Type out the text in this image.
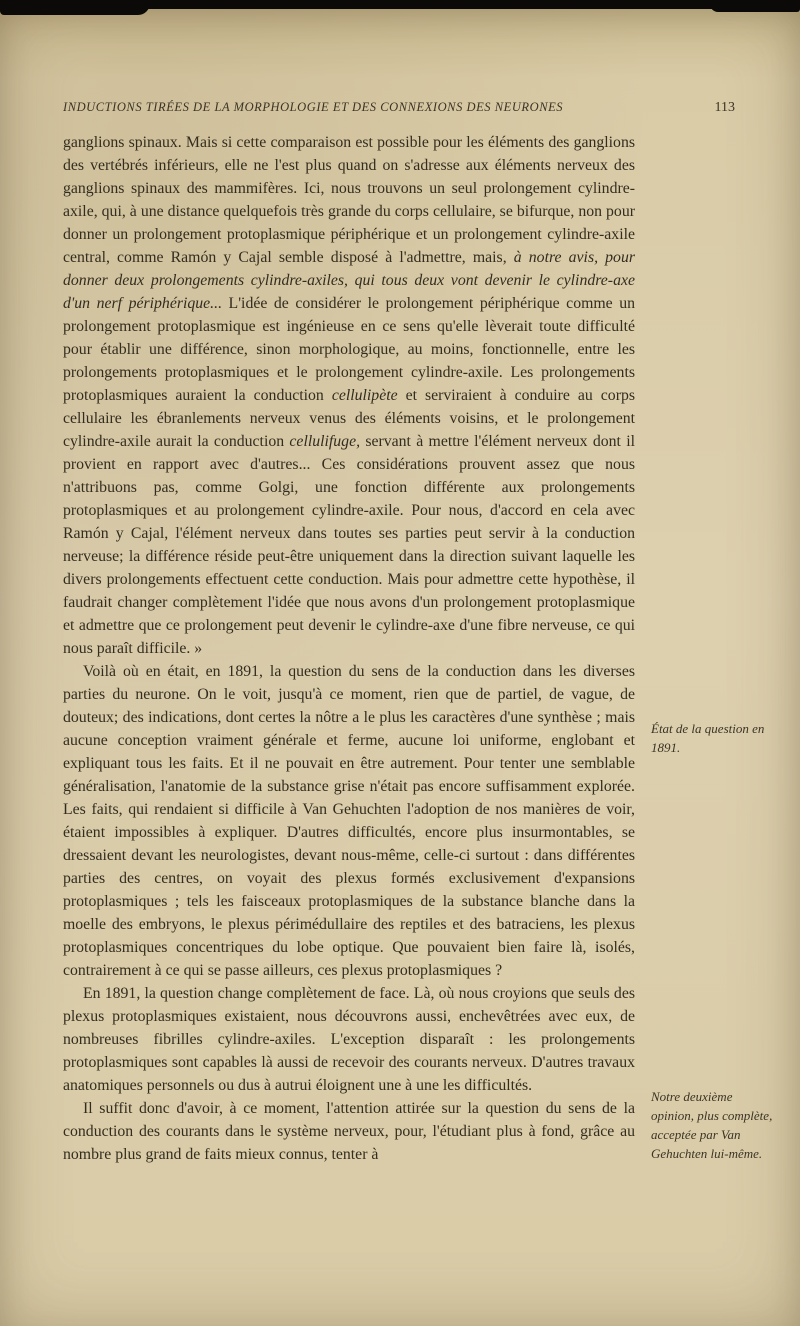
INDUCTIONS TIRÉES DE LA MORPHOLOGIE ET DES CONNEXIONS DES NEURONES	113

ganglions spinaux. Mais si cette comparaison est possible pour les éléments des ganglions des vertébrés inférieurs, elle ne l'est plus quand on s'adresse aux éléments nerveux des ganglions spinaux des mammifères. Ici, nous trouvons un seul prolongement cylindre-axile, qui, à une distance quelquefois très grande du corps cellulaire, se bifurque, non pour donner un prolongement protoplasmique périphérique et un prolongement cylindre-axile central, comme Ramón y Cajal semble disposé à l'admettre, mais, à notre avis, pour donner deux prolongements cylindre-axiles, qui tous deux vont devenir le cylindre-axe d'un nerf périphérique... L'idée de considérer le prolongement périphérique comme un prolongement protoplasmique est ingénieuse en ce sens qu'elle lèverait toute difficulté pour établir une différence, sinon morphologique, au moins, fonctionnelle, entre les prolongements protoplasmiques et le prolongement cylindre-axile. Les prolongements protoplasmiques auraient la conduction cellulipète et serviraient à conduire au corps cellulaire les ébranlements nerveux venus des éléments voisins, et le prolongement cylindre-axile aurait la conduction cellulifuge, servant à mettre l'élément nerveux dont il provient en rapport avec d'autres... Ces considérations prouvent assez que nous n'attribuons pas, comme Golgi, une fonction différente aux prolongements protoplasmiques et au prolongement cylindre-axile. Pour nous, d'accord en cela avec Ramón y Cajal, l'élément nerveux dans toutes ses parties peut servir à la conduction nerveuse; la différence réside peut-être uniquement dans la direction suivant laquelle les divers prolongements effectuent cette conduction. Mais pour admettre cette hypothèse, il faudrait changer complètement l'idée que nous avons d'un prolongement protoplasmique et admettre que ce prolongement peut devenir le cylindre-axe d'une fibre nerveuse, ce qui nous paraît difficile. »

Voilà où en était, en 1891, la question du sens de la conduction dans les diverses parties du neurone. On le voit, jusqu'à ce moment, rien que de partiel, de vague, de douteux; des indications, dont certes la nôtre a le plus les caractères d'une synthèse ; mais aucune conception vraiment générale et ferme, aucune loi uniforme, englobant et expliquant tous les faits. Et il ne pouvait en être autrement. Pour tenter une semblable généralisation, l'anatomie de la substance grise n'était pas encore suffisamment explorée. Les faits, qui rendaient si difficile à Van Gehuchten l'adoption de nos manières de voir, étaient impossibles à expliquer. D'autres difficultés, encore plus insurmontables, se dressaient devant les neurologistes, devant nous-même, celle-ci surtout : dans différentes parties des centres, on voyait des plexus formés exclusivement d'expansions protoplasmiques ; tels les faisceaux protoplasmiques de la substance blanche dans la moelle des embryons, le plexus périmédullaire des reptiles et des batraciens, les plexus protoplasmiques concentriques du lobe optique. Que pouvaient bien faire là, isolés, contrairement à ce qui se passe ailleurs, ces plexus protoplasmiques ?

En 1891, la question change complètement de face. Là, où nous croyions que seuls des plexus protoplasmiques existaient, nous découvrons aussi, enchevêtrées avec eux, de nombreuses fibrilles cylindre-axiles. L'exception disparaît : les prolongements protoplasmiques sont capables là aussi de recevoir des courants nerveux. D'autres travaux anatomiques personnels ou dus à autrui éloignent une à une les difficultés.

Il suffit donc d'avoir, à ce moment, l'attention attirée sur la question du sens de la conduction des courants dans le système nerveux, pour, l'étudiant plus à fond, grâce au nombre plus grand de faits mieux connus, tenter à

État de la question en 1891.
Notre deuxième opinion, plus complète, acceptée par Van Gehuchten lui-même.
